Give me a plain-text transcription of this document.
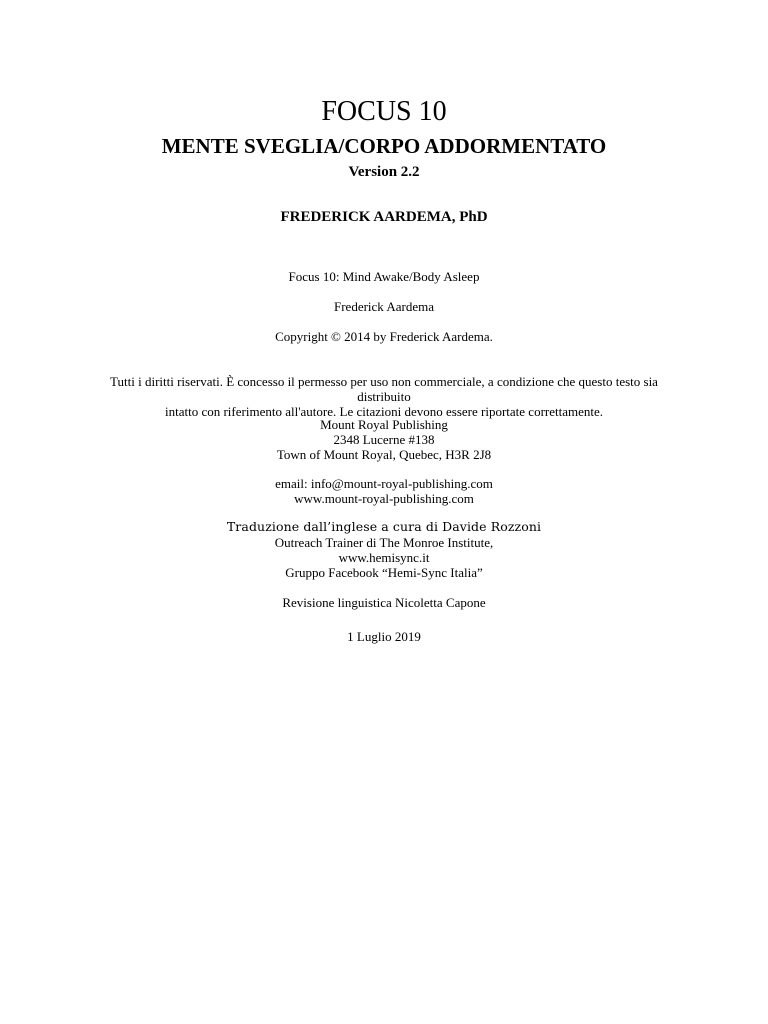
FOCUS 10
MENTE SVEGLIA/CORPO ADDORMENTATO
Version 2.2
FREDERICK AARDEMA, PhD
Focus 10: Mind Awake/Body Asleep
Frederick Aardema
Copyright © 2014 by Frederick Aardema.
Tutti i diritti riservati. È concesso il permesso per uso non commerciale, a condizione che questo testo sia distribuito
intatto con riferimento all'autore. Le citazioni devono essere riportate correttamente.
Mount Royal Publishing
2348 Lucerne #138
Town of Mount Royal, Quebec, H3R 2J8
email: info@mount-royal-publishing.com
www.mount-royal-publishing.com
Traduzione dall’inglese a cura di Davide Rozzoni
Outreach Trainer di The Monroe Institute,
www.hemisync.it
Gruppo Facebook “Hemi-Sync Italia”
Revisione linguistica Nicoletta Capone
1 Luglio 2019
